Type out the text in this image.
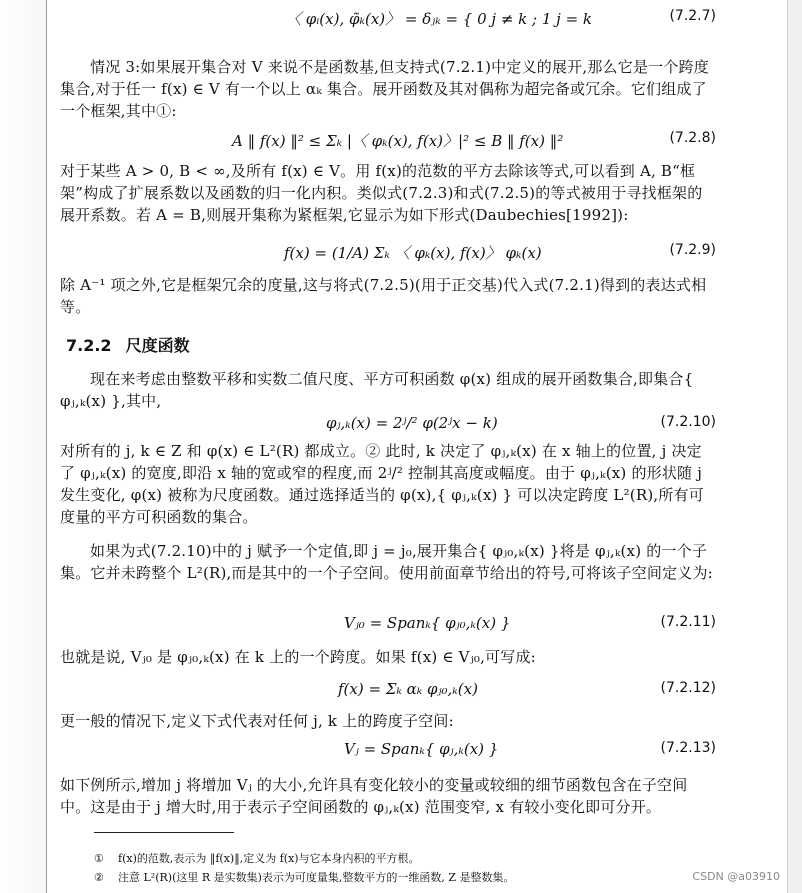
〈 φᵢ(x), φ̃ₖ(x)〉 = δⱼₖ = { 0 j ≠ k ; 1 j = k	(7.2.7)

情况 3:如果展开集合对 V 来说不是函数基,但支持式(7.2.1)中定义的展开,那么它是一个跨度集合,对于任一 f(x) ∈ V 有一个以上 αₖ 集合。展开函数及其对偶称为超完备或冗余。它们组成了一个框架,其中①:

A ‖ f(x) ‖² ≤ Σₖ |〈 φₖ(x), f(x)〉|² ≤ B ‖ f(x) ‖²	(7.2.8)

对于某些 A > 0, B < ∞,及所有 f(x) ∈ V。用 f(x)的范数的平方去除该等式,可以看到 A, B“框架”构成了扩展系数以及函数的归一化内积。类似式(7.2.3)和式(7.2.5)的等式被用于寻找框架的展开系数。若 A = B,则展开集称为紧框架,它显示为如下形式(Daubechies[1992]):

f(x) = (1/A) Σₖ 〈 φₖ(x), f(x)〉 φₖ(x)	(7.2.9)

除 A⁻¹ 项之外,它是框架冗余的度量,这与将式(7.2.5)(用于正交基)代入式(7.2.1)得到的表达式相等。

7.2.2 尺度函数

现在来考虑由整数平移和实数二值尺度、平方可积函数 φ(x) 组成的展开函数集合,即集合{ φⱼ,ₖ(x) },其中,

φⱼ,ₖ(x) = 2ʲ/² φ(2ʲx − k)	(7.2.10)

对所有的 j, k ∈ Z 和 φ(x) ∈ L²(R) 都成立。② 此时, k 决定了 φⱼ,ₖ(x) 在 x 轴上的位置, j 决定了 φⱼ,ₖ(x) 的宽度,即沿 x 轴的宽或窄的程度,而 2ʲ/² 控制其高度或幅度。由于 φⱼ,ₖ(x) 的形状随 j 发生变化, φ(x) 被称为尺度函数。通过选择适当的 φ(x),{ φⱼ,ₖ(x) } 可以决定跨度 L²(R),所有可度量的平方可积函数的集合。

如果为式(7.2.10)中的 j 赋予一个定值,即 j = j₀,展开集合{ φⱼ₀,ₖ(x) }将是 φⱼ,ₖ(x) 的一个子集。它并未跨整个 L²(R),而是其中的一个子空间。使用前面章节给出的符号,可将该子空间定义为:

Vⱼ₀ = Spanₖ{ φⱼ₀,ₖ(x) }	(7.2.11)

也就是说, Vⱼ₀ 是 φⱼ₀,ₖ(x) 在 k 上的一个跨度。如果 f(x) ∈ Vⱼ₀,可写成:

f(x) = Σₖ αₖ φⱼ₀,ₖ(x)	(7.2.12)

更一般的情况下,定义下式代表对任何 j, k 上的跨度子空间:

Vⱼ = Spanₖ{ φⱼ,ₖ(x) }	(7.2.13)

如下例所示,增加 j 将增加 Vⱼ 的大小,允许具有变化较小的变量或较细的细节函数包含在子空间中。这是由于 j 增大时,用于表示子空间函数的 φⱼ,ₖ(x) 范围变窄, x 有较小变化即可分开。

① f(x)的范数,表示为 ‖f(x)‖,定义为 f(x)与它本身内积的平方根。
② 注意 L²(R)(这里 R 是实数集)表示为可度量集,整数平方的一维函数, Z 是整数集。	CSDN @a03910
